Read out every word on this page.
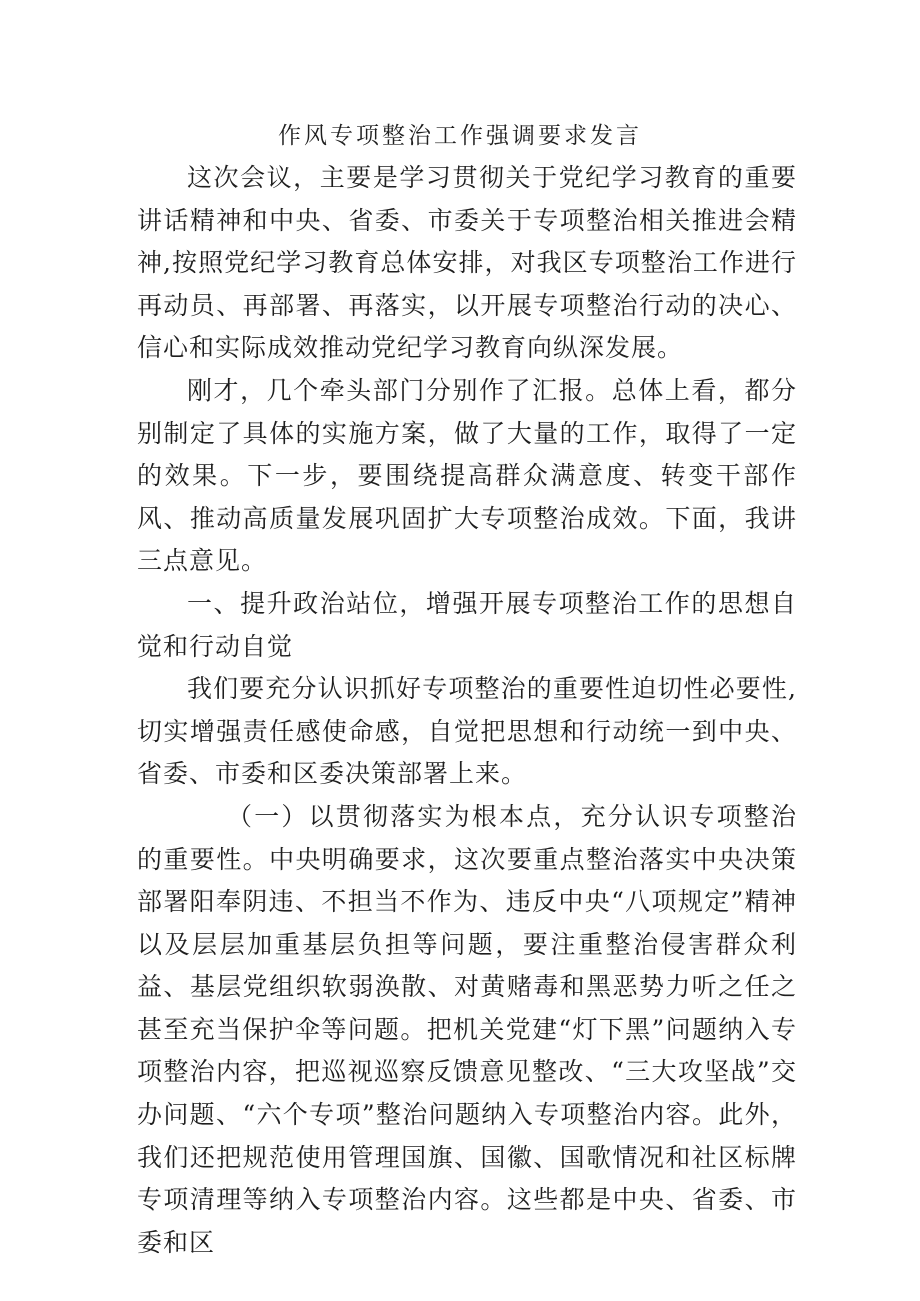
作风专项整治工作强调要求发言

这次会议，主要是学习贯彻关于党纪学习教育的重要讲话精神和中央、省委、市委关于专项整治相关推进会精神,按照党纪学习教育总体安排，对我区专项整治工作进行再动员、再部署、再落实，以开展专项整治行动的决心、信心和实际成效推动党纪学习教育向纵深发展。

刚才，几个牵头部门分别作了汇报。总体上看，都分别制定了具体的实施方案，做了大量的工作，取得了一定的效果。下一步，要围绕提高群众满意度、转变干部作风、推动高质量发展巩固扩大专项整治成效。下面，我讲三点意见。

一、提升政治站位，增强开展专项整治工作的思想自觉和行动自觉

我们要充分认识抓好专项整治的重要性迫切性必要性,切实增强责任感使命感，自觉把思想和行动统一到中央、省委、市委和区委决策部署上来。

（一）以贯彻落实为根本点，充分认识专项整治的重要性。中央明确要求，这次要重点整治落实中央决策部署阳奉阴违、不担当不作为、违反中央“八项规定”精神以及层层加重基层负担等问题，要注重整治侵害群众利益、基层党组织软弱涣散、对黄赌毒和黑恶势力听之任之甚至充当保护伞等问题。把机关党建“灯下黑”问题纳入专项整治内容，把巡视巡察反馈意见整改、“三大攻坚战”交办问题、“六个专项”整治问题纳入专项整治内容。此外，我们还把规范使用管理国旗、国徽、国歌情况和社区标牌专项清理等纳入专项整治内容。这些都是中央、省委、市委和区
